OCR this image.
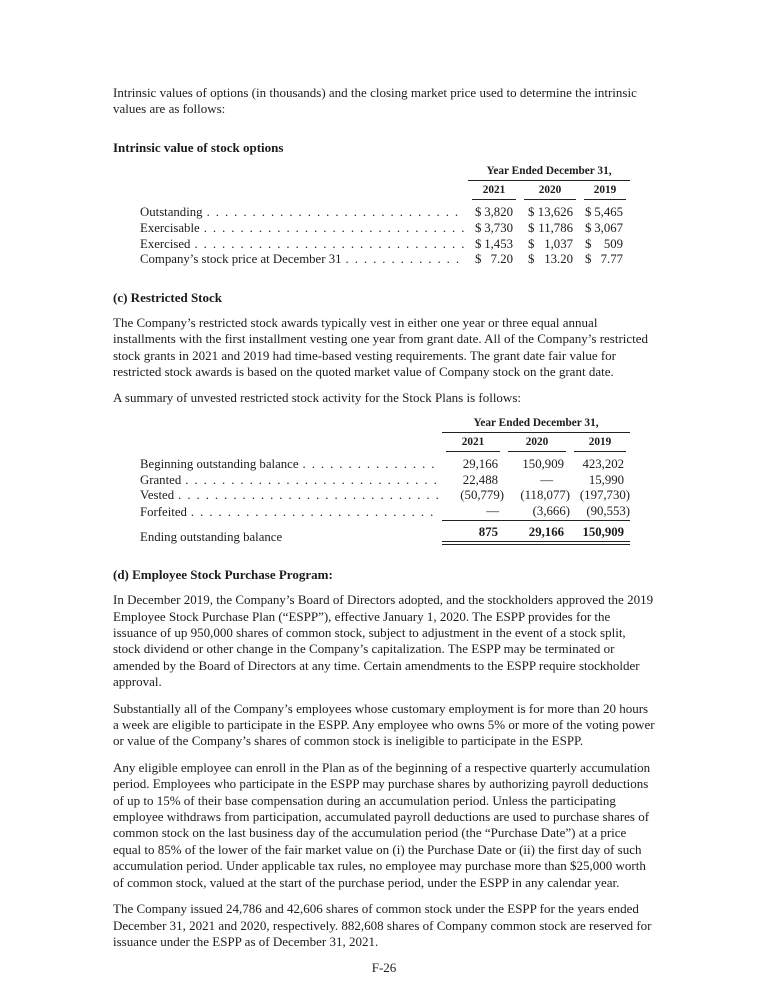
Intrinsic values of options (in thousands) and the closing market price used to determine the intrinsic values are as follows:

Intrinsic value of stock options

	Year Ended December 31,		

	2021	2020	2019

Outstanding
. . .	$ 3,820	$ 13,626	$ 5,465

Exercisable
. . .	$ 3,730	$ 11,786	$ 3,067

Exercised
. . .	$ 1,453	$ 1,037	$ 509

Company’s stock price at December 31
. . .	$ 7.20	$ 13.20	$ 7.77
(c) Restricted Stock

The Company’s restricted stock awards typically vest in either one year or three equal annual installments with the first installment vesting one year from grant date. All of the Company’s restricted stock grants in 2021 and 2019 had time-based vesting requirements. The grant date fair value for restricted stock awards is based on the quoted market value of Company stock on the grant date.

A summary of unvested restricted stock activity for the Stock Plans is follows:

	Year Ended December 31,		

	2021	2020	2019

Beginning outstanding balance
. . .	29,166	150,909	423,202

Granted
. . .	22,488	—	15,990

Vested
. . .	(50,779)	(118,077)	(197,730)

Forfeited
. . .	—	(3,666)	(90,553)

Ending outstanding balance	875	29,166	150,909
(d) Employee Stock Purchase Program:

In December 2019, the Company’s Board of Directors adopted, and the stockholders approved the 2019 Employee Stock Purchase Plan (“ESPP”), effective January 1, 2020. The ESPP provides for the issuance of up 950,000 shares of common stock, subject to adjustment in the event of a stock split, stock dividend or other change in the Company’s capitalization. The ESPP may be terminated or amended by the Board of Directors at any time. Certain amendments to the ESPP require stockholder approval.

Substantially all of the Company’s employees whose customary employment is for more than 20 hours a week are eligible to participate in the ESPP. Any employee who owns 5% or more of the voting power or value of the Company’s shares of common stock is ineligible to participate in the ESPP.

Any eligible employee can enroll in the Plan as of the beginning of a respective quarterly accumulation period. Employees who participate in the ESPP may purchase shares by authorizing payroll deductions of up to 15% of their base compensation during an accumulation period. Unless the participating employee withdraws from participation, accumulated payroll deductions are used to purchase shares of common stock on the last business day of the accumulation period (the “Purchase Date”) at a price equal to 85% of the lower of the fair market value on (i) the Purchase Date or (ii) the first day of such accumulation period. Under applicable tax rules, no employee may purchase more than $25,000 worth of common stock, valued at the start of the purchase period, under the ESPP in any calendar year.

The Company issued 24,786 and 42,606 shares of common stock under the ESPP for the years ended December 31, 2021 and 2020, respectively. 882,608 shares of Company common stock are reserved for issuance under the ESPP as of December 31, 2021.

F-26
